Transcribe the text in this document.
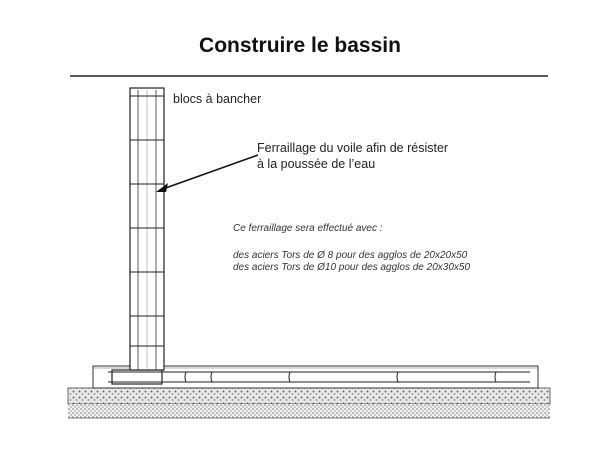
Construire le bassin
blocs à bancher
Ferraillage du voile afin de résister
à la poussée de l’eau
Ce ferraillage sera effectué avec :
des aciers Tors de Ø 8 pour des agglos de 20x20x50
des aciers Tors de Ø10 pour des agglos de 20x30x50
